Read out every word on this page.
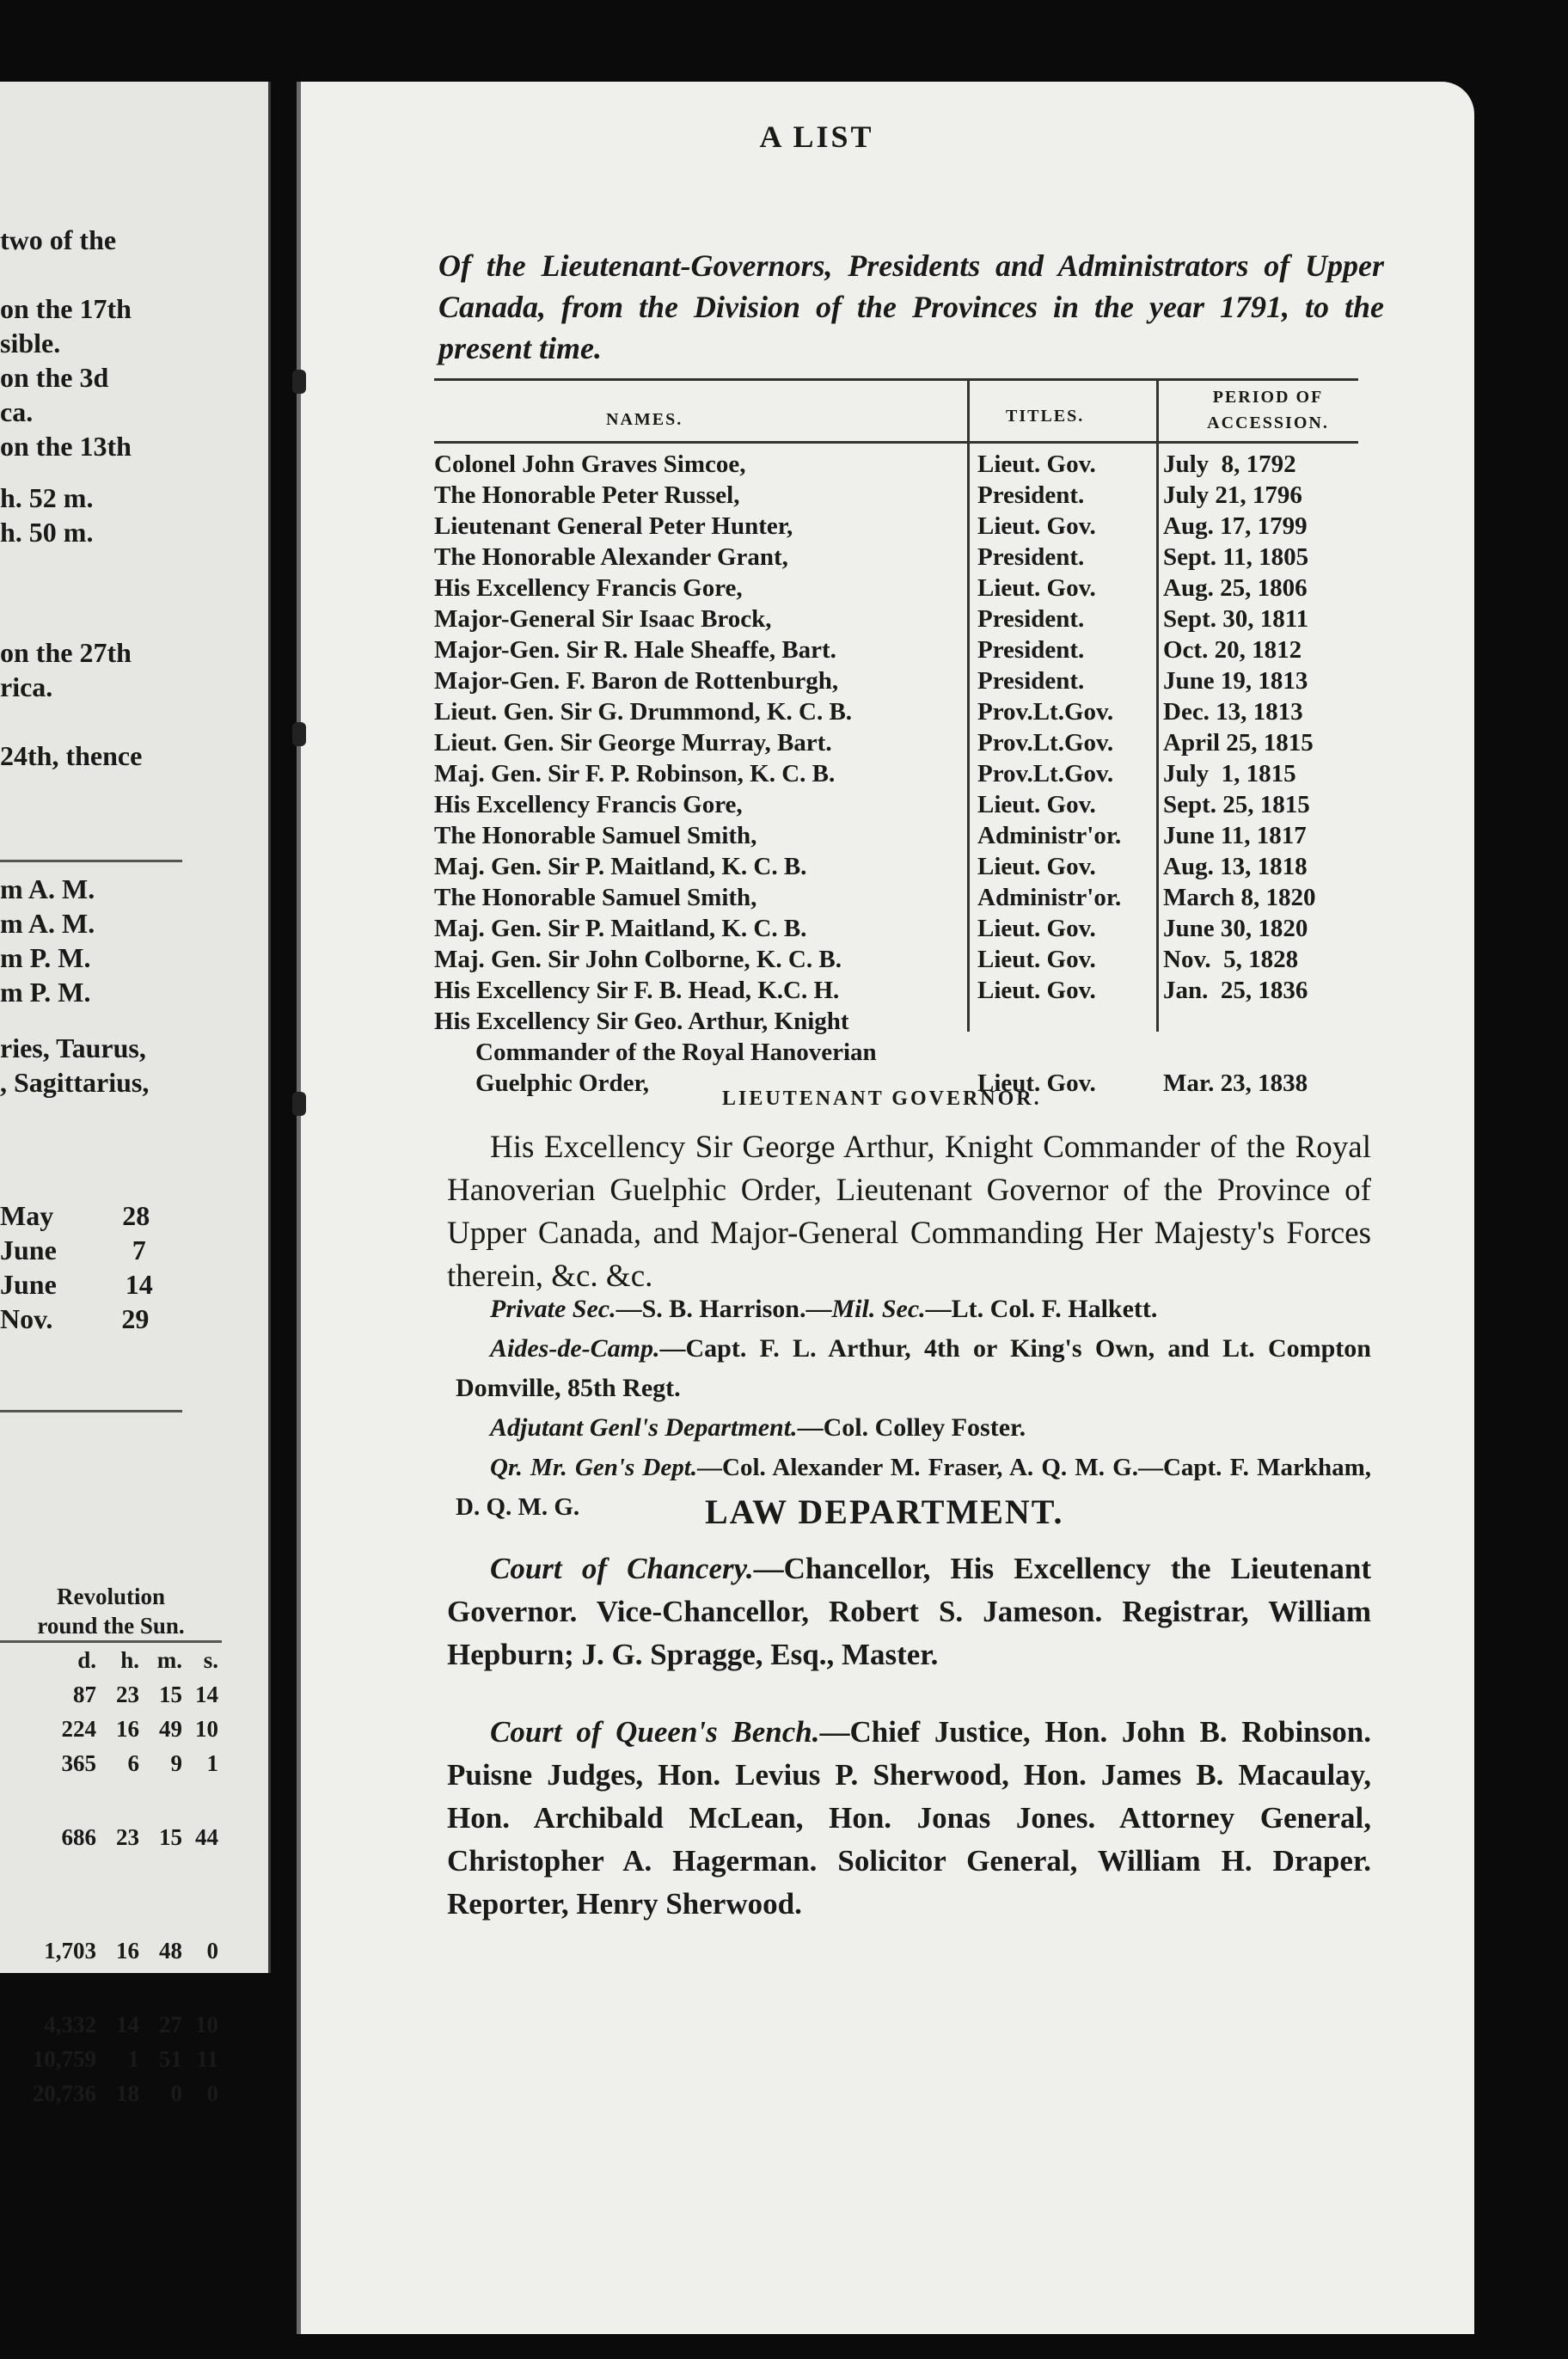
Revolution
round the Sun.
d.	h. m. s.
87 23 15 14
224 16 49 10
365	6	9	1
686 23 15 44
1,703 16 48	0
4,332 14 27 10
10,759	1 51 11
20,736 18	0	0
two of the
on the 17th
sible.
on the 3d
ca.
on the 13th
h. 52 m.
h. 50 m.
on the 27th
rica.
24th, thence
m A. M.
m A. M.
m P. M.
m P. M.
ries, Taurus,
, Sagittarius,
May          28
June           7
June          14
Nov.          29
A LIST
Of the Lieutenant-Governors, Presidents and Administrators of Upper Canada, from the Division of the Provinces in the year 1791, to the present time.
NAMES.	TITLES.
PERIOD OF
ACCESSION.
Colonel John Graves Simcoe,	Lieut. Gov.	July  8, 1792
The Honorable Peter Russel,	President.	July 21, 1796
Lieutenant General Peter Hunter,	Lieut. Gov.	Aug. 17, 1799
The Honorable Alexander Grant,	President.	Sept. 11, 1805
His Excellency Francis Gore,	Lieut. Gov.	Aug. 25, 1806
Major-General Sir Isaac Brock,	President.	Sept. 30, 1811
Major-Gen. Sir R. Hale Sheaffe, Bart.	President.	Oct. 20, 1812
Major-Gen. F. Baron de Rottenburgh,	President.	June 19, 1813
Lieut. Gen. Sir G. Drummond, K. C. B.	Prov.Lt.Gov. Dec. 13, 1813
Lieut. Gen. Sir George Murray, Bart.	Prov.Lt.Gov. April 25, 1815
Maj. Gen. Sir F. P. Robinson, K. C. B.	Prov.Lt.Gov. July  1, 1815
His Excellency Francis Gore,	Lieut. Gov.	Sept. 25, 1815
The Honorable Samuel Smith,	Administr'or. June 11, 1817
Maj. Gen. Sir P. Maitland, K. C. B.	Lieut. Gov.	Aug. 13, 1818
The Honorable Samuel Smith,	Administr'or. March 8, 1820
Maj. Gen. Sir P. Maitland, K. C. B.	Lieut. Gov.	June 30, 1820
Maj. Gen. Sir John Colborne, K. C. B.	Lieut. Gov.	Nov.  5, 1828
His Excellency Sir F. B. Head, K.C. H.	Lieut. Gov.	Jan.  25, 1836
His Excellency Sir Geo. Arthur, Knight
Commander of the Royal Hanoverian
Guelphic Order,	Lieut. Gov.	Mar. 23, 1838
LIEUTENANT GOVERNOR.
His Excellency Sir George Arthur, Knight Commander of the Royal Hanoverian Guelphic Order, Lieutenant Governor of the Province of Upper Canada, and Major-General Commanding Her Majesty's Forces therein, &c. &c.
Private Sec.—S. B. Harrison.—Mil. Sec.—Lt. Col. F. Halkett.
Aides-de-Camp.—Capt. F. L. Arthur, 4th or King's Own, and Lt. Compton Domville, 85th Regt.
Adjutant Genl's Department.—Col. Colley Foster.
Qr. Mr. Gen's Dept.—Col. Alexander M. Fraser, A. Q. M. G.—Capt. F. Markham, D. Q. M. G.	LAW DEPARTMENT.
Court of Chancery.—Chancellor, His Excellency the Lieutenant Governor. Vice-Chancellor, Robert S. Jameson. Registrar, William Hepburn; J. G. Spragge, Esq., Master.
Court of Queen's Bench.—Chief Justice, Hon. John B. Robinson. Puisne Judges, Hon. Levius P. Sherwood, Hon. James B. Macaulay, Hon. Archibald McLean, Hon. Jonas Jones. Attorney General, Christopher A. Hagerman. Solicitor General, William H. Draper. Reporter, Henry Sherwood.
